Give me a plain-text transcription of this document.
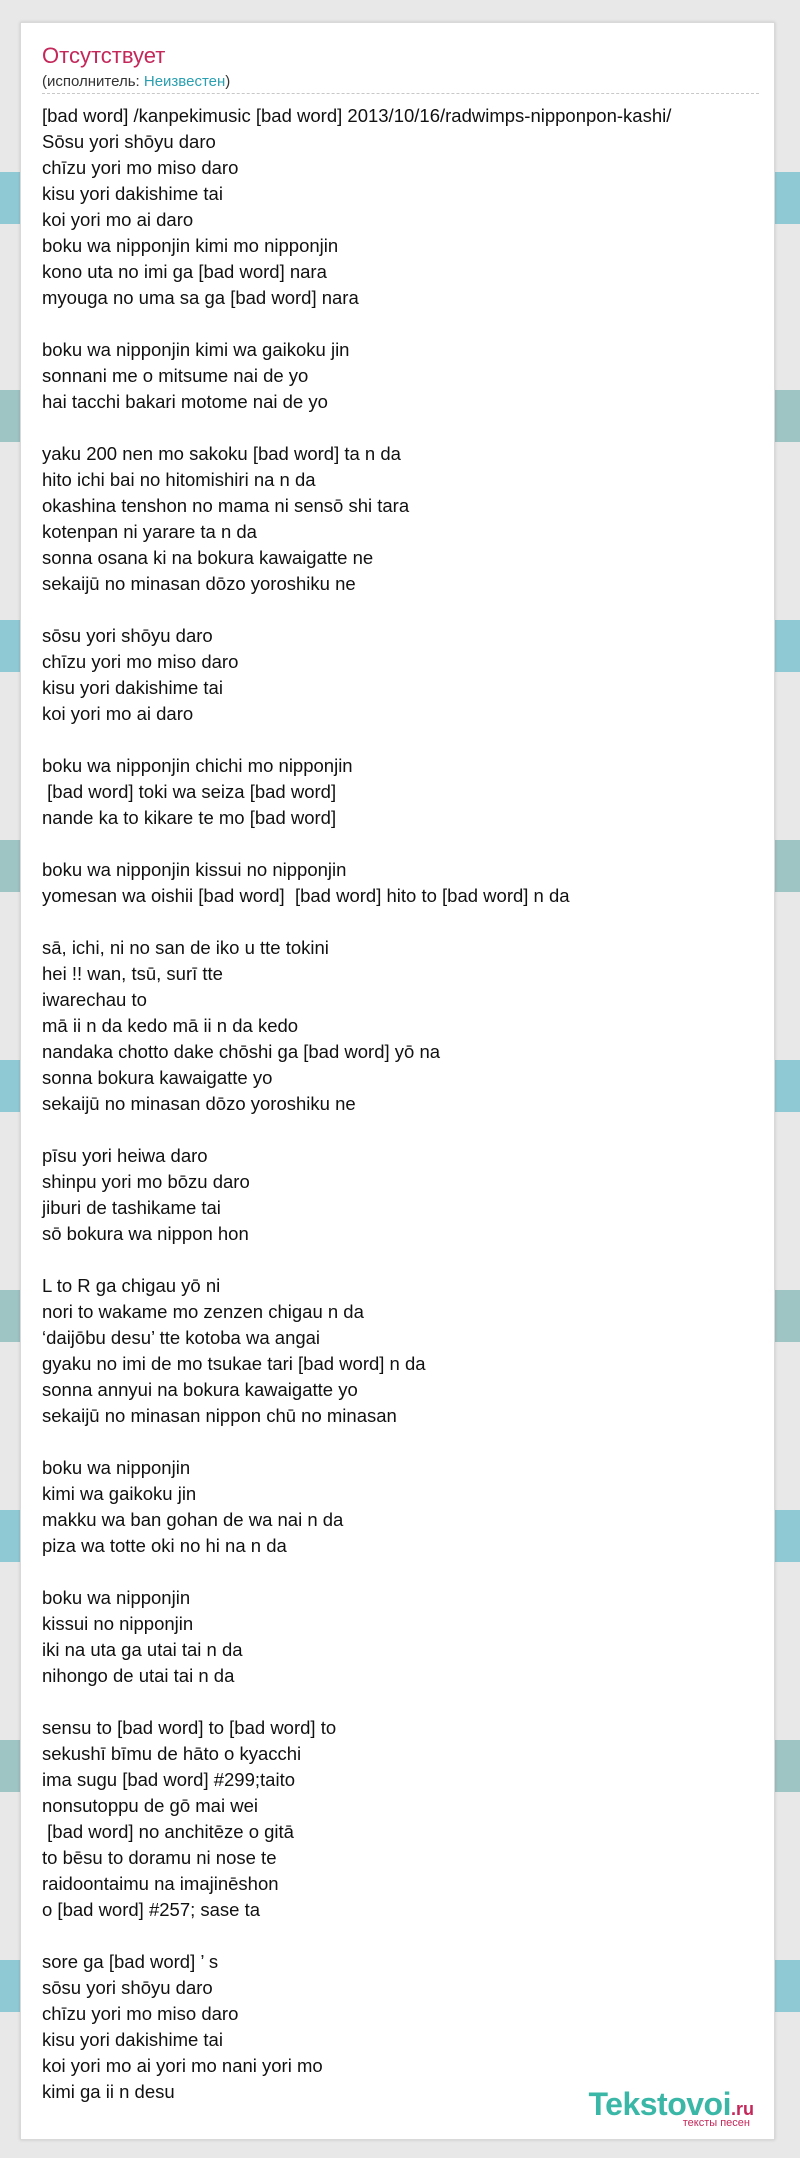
Отсутствует
(исполнитель: Неизвестен)
[bad word] /kanpekimusic [bad word] 2013/10/16/radwimps-nipponpon-kashi/
Sōsu yori shōyu daro
chīzu yori mo miso daro
kisu yori dakishime tai
koi yori mo ai daro
boku wa nipponjin kimi mo nipponjin
kono uta no imi ga [bad word] nara
myouga no uma sa ga [bad word] nara
boku wa nipponjin kimi wa gaikoku jin
sonnani me o mitsume nai de yo
hai tacchi bakari motome nai de yo
yaku 200 nen mo sakoku [bad word] ta n da
hito ichi bai no hitomishiri na n da
okashina tenshon no mama ni sensō shi tara
kotenpan ni yarare ta n da
sonna osana ki na bokura kawaigatte ne
sekaijū no minasan dōzo yoroshiku ne
sōsu yori shōyu daro
chīzu yori mo miso daro
kisu yori dakishime tai
koi yori mo ai daro
boku wa nipponjin chichi mo nipponjin
[bad word] toki wa seiza [bad word]
nande ka to kikare te mo [bad word]
boku wa nipponjin kissui no nipponjin
yomesan wa oishii [bad word]  [bad word] hito to [bad word] n da
sā, ichi, ni no san de iko u tte tokini
hei !! wan, tsū, surī tte
iwarechau to
mā ii n da kedo mā ii n da kedo
nandaka chotto dake chōshi ga [bad word] yō na
sonna bokura kawaigatte yo
sekaijū no minasan dōzo yoroshiku ne
pīsu yori heiwa daro
shinpu yori mo bōzu daro
jiburi de tashikame tai
sō bokura wa nippon hon
L to R ga chigau yō ni
nori to wakame mo zenzen chigau n da
‘daijōbu desu’ tte kotoba wa angai
gyaku no imi de mo tsukae tari [bad word] n da
sonna annyui na bokura kawaigatte yo
sekaijū no minasan nippon chū no minasan
boku wa nipponjin
kimi wa gaikoku jin
makku wa ban gohan de wa nai n da
piza wa totte oki no hi na n da
boku wa nipponjin
kissui no nipponjin
iki na uta ga utai tai n da
nihongo de utai tai n da
sensu to [bad word] to [bad word] to
sekushī bīmu de hāto o kyacchi
ima sugu [bad word] #299;taito
nonsutoppu de gō mai wei
[bad word] no anchitēze o gitā
to bēsu to doramu ni nose te
raidoontaimu na imajinēshon
o [bad word] #257; sase ta
sore ga [bad word] ’ s
sōsu yori shōyu daro
chīzu yori mo miso daro
kisu yori dakishime tai
koi yori mo ai yori mo nani yori mo
kimi ga ii n desu	Tekstovoi.ru
тексты песен
